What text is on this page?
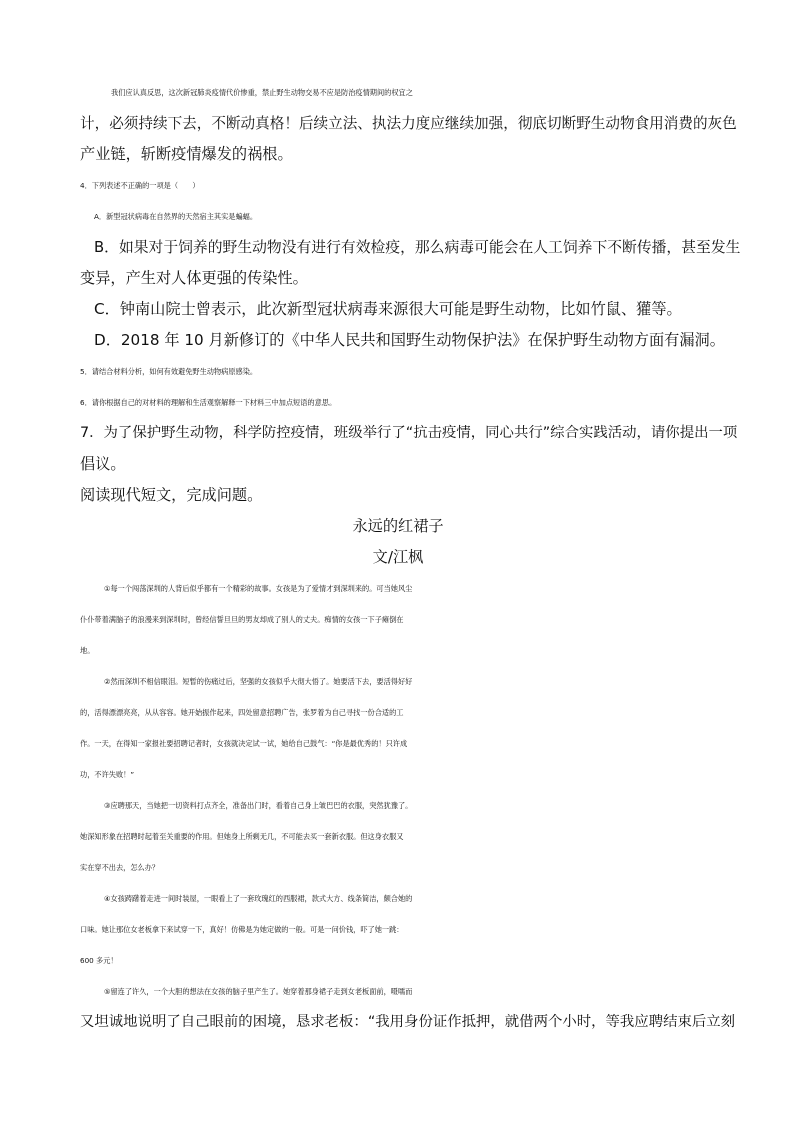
我们应认真反思，这次新冠肺炎疫情代价惨重，禁止野生动物交易不应是防治疫情期间的权宜之
计，必须持续下去，不断动真格！后续立法、执法力度应继续加强，彻底切断野生动物食用消费的灰色
产业链，斩断疫情爆发的祸根。
4．下列表述不正确的一项是（　　）
A．新型冠状病毒在自然界的天然宿主其实是蝙蝠。
B．如果对于饲养的野生动物没有进行有效检疫，那么病毒可能会在人工饲养下不断传播，甚至发生
变异，产生对人体更强的传染性。
C．钟南山院士曾表示，此次新型冠状病毒来源很大可能是野生动物，比如竹鼠、獾等。
D．2018 年 10 月新修订的《中华人民共和国野生动物保护法》在保护野生动物方面有漏洞。
5．请结合材料分析，如何有效避免野生动物病原感染。
6．请你根据自己的对材料的理解和生活观察解释一下材料三中加点短语的意思。
7．为了保护野生动物，科学防控疫情，班级举行了“抗击疫情，同心共行”综合实践活动，请你提出一项
倡议。
阅读现代短文，完成问题。
永远的红裙子
文/江枫
①每一个闯荡深圳的人背后似乎都有一个精彩的故事。女孩是为了爱情才到深圳来的。可当她风尘
仆仆带着满脑子的浪漫来到深圳时，曾经信誓旦旦的男友却成了别人的丈夫。痴情的女孩一下子瘫倒在
地。
②然而深圳不相信眼泪。短暂的伤痛过后，坚强的女孩似乎大彻大悟了。她要活下去，要活得好好
的，活得漂漂亮亮，从从容容。她开始振作起来，四处留意招聘广告，张罗着为自己寻找一份合适的工
作。一天，在得知一家报社要招聘记者时，女孩就决定试一试，她给自己鼓气：“你是最优秀的！只许成
功，不许失败！”
③应聘那天，当她把一切资料打点齐全，准备出门时，看着自己身上皱巴巴的衣服，突然犹豫了。
她深知形象在招聘时起着至关重要的作用。但她身上所剩无几，不可能去买一套新衣服。但这身衣服又
实在穿不出去，怎么办？
④女孩踌躇着走进一间时装屋，一眼看上了一套玫瑰红的西服裙，款式大方、线条简洁，颇合她的
口味。她让那位女老板拿下来试穿一下，真好！仿佛是为她定做的一般。可是一问价钱，吓了她一跳：
600 多元！
⑤留连了许久，一个大胆的想法在女孩的脑子里产生了。她穿着那身裙子走到女老板面前，嗫嚅而
又坦诚地说明了自己眼前的困境，恳求老板：“我用身份证作抵押，就借两个小时，等我应聘结束后立刻
